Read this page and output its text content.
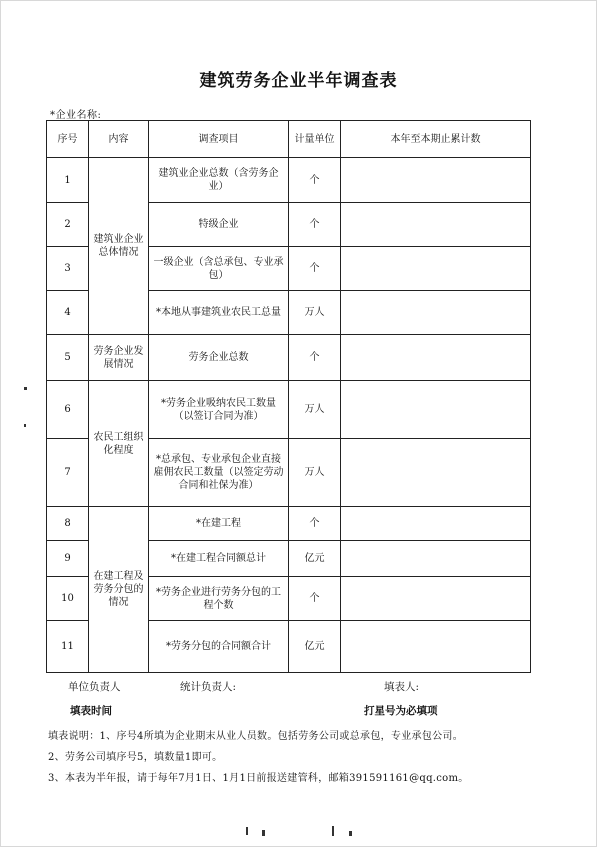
建筑劳务企业半年调查表
*企业名称:
序号	内容	调查项目	计量单位	本年至本期止累计数
1	建筑业企业总体情况	建筑业企业总数（含劳务企业）	个	
2		特级企业	个	
3		一级企业（含总承包、专业承包）	个	
4		*本地从事建筑业农民工总量	万人	
5	劳务企业发展情况	劳务企业总数	个	
6	农民工组织化程度	*劳务企业吸纳农民工数量（以签订合同为准）	万人	
7		*总承包、专业承包企业直接雇佣农民工数量（以签定劳动合同和社保为准）	万人	
8	在建工程及劳务分包的情况	*在建工程	个	
9		*在建工程合同额总计	亿元	
10		*劳务企业进行劳务分包的工程个数	个	
11		*劳务分包的合同额合计	亿元	
单位负责人	统计负责人:	填表人:
填表时间	打星号为必填项
填表说明：1、序号4所填为企业期末从业人员数。包括劳务公司或总承包，专业承包公司。
2、劳务公司填序号5，填数量1即可。
3、本表为半年报，请于每年7月1日、1月1日前报送建管科，邮箱391591161@qq.com。
